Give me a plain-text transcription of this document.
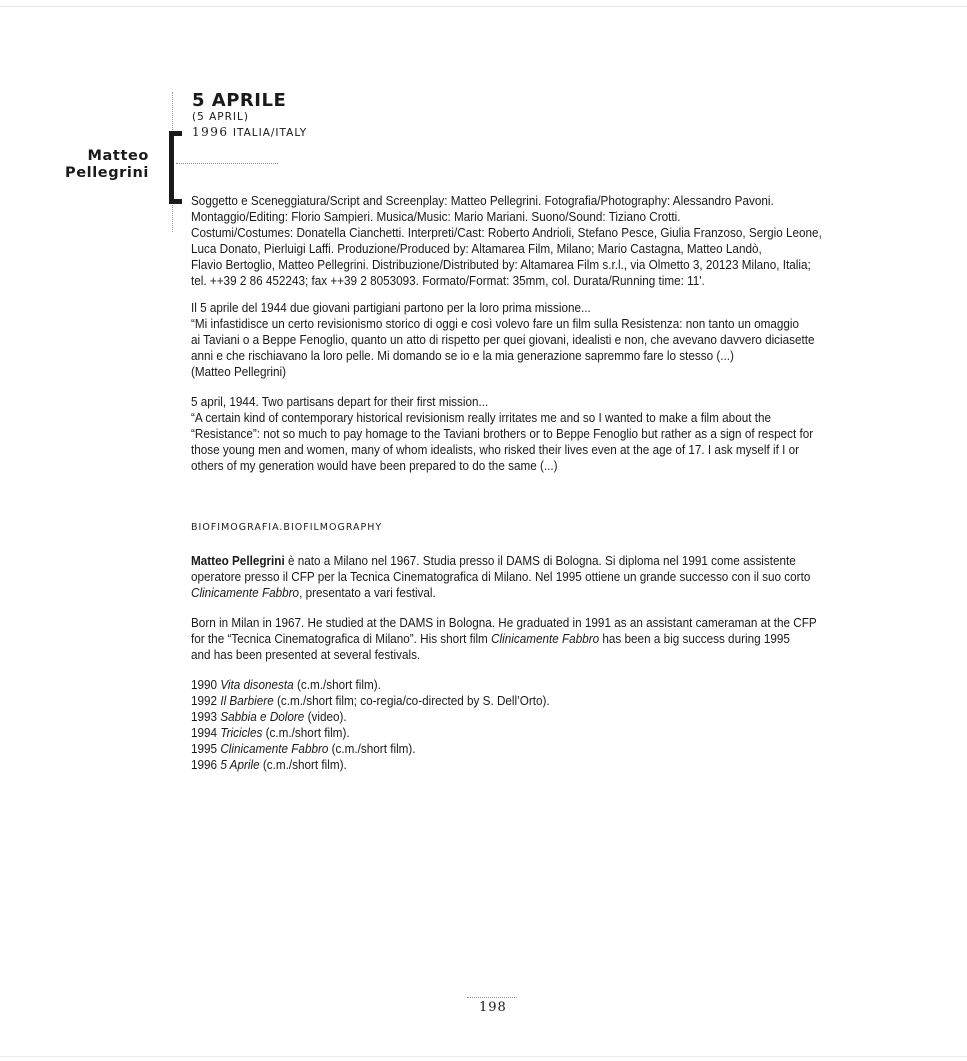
Matteo
Pellegrini
5 APRILE
(5 APRIL)
1996 ITALIA/ITALY

Soggetto e Sceneggiatura/Script and Screenplay: Matteo Pellegrini. Fotografia/Photography: Alessandro Pavoni.

Montaggio/Editing: Florio Sampieri. Musica/Music: Mario Mariani. Suono/Sound: Tiziano Crotti.

Costumi/Costumes: Donatella Cianchetti. Interpreti/Cast: Roberto Andrioli, Stefano Pesce, Giulia Franzoso, Sergio Leone,

Luca Donato, Pierluigi Laffi. Produzione/Produced by: Altamarea Film, Milano; Mario Castagna, Matteo Landò,

Flavio Bertoglio, Matteo Pellegrini. Distribuzione/Distributed by: Altamarea Film s.r.l., via Olmetto 3, 20123 Milano, Italia;

tel. ++39 2 86 452243; fax ++39 2 8053093. Formato/Format: 35mm, col. Durata/Running time: 11'.

Il 5 aprile del 1944 due giovani partigiani partono per la loro prima missione...

“Mi infastidisce un certo revisionismo storico di oggi e così volevo fare un film sulla Resistenza: non tanto un omaggio

ai Taviani o a Beppe Fenoglio, quanto un atto di rispetto per quei giovani, idealisti e non, che avevano davvero diciasette

anni e che rischiavano la loro pelle. Mi domando se io e la mia generazione sapremmo fare lo stesso (...)

(Matteo Pellegrini)

5 april, 1944. Two partisans depart for their first mission...

“A certain kind of contemporary historical revisionism really irritates me and so I wanted to make a film about the

“Resistance”: not so much to pay homage to the Taviani brothers or to Beppe Fenoglio but rather as a sign of respect for

those young men and women, many of whom idealists, who risked their lives even at the age of 17. I ask myself if I or

others of my generation would have been prepared to do the same (...)

BIOFIMOGRAFIA.BIOFILMOGRAPHY

Matteo Pellegrini è nato a Milano nel 1967. Studia presso il DAMS di Bologna. Si diploma nel 1991 come assistente

operatore presso il CFP per la Tecnica Cinematografica di Milano. Nel 1995 ottiene un grande successo con il suo corto

Clinicamente Fabbro, presentato a vari festival.

Born in Milan in 1967. He studied at the DAMS in Bologna. He graduated in 1991 as an assistant cameraman at the CFP

for the “Tecnica Cinematografica di Milano”. His short film Clinicamente Fabbro has been a big success during 1995

and has been presented at several festivals.

1990 Vita disonesta (c.m./short film).

1992 Il Barbiere (c.m./short film; co-regia/co-directed by S. Dell’Orto).

1993 Sabbia e Dolore (video).

1994 Tricicles (c.m./short film).

1995 Clinicamente Fabbro (c.m./short film).

1996 5 Aprile (c.m./short film).

198
